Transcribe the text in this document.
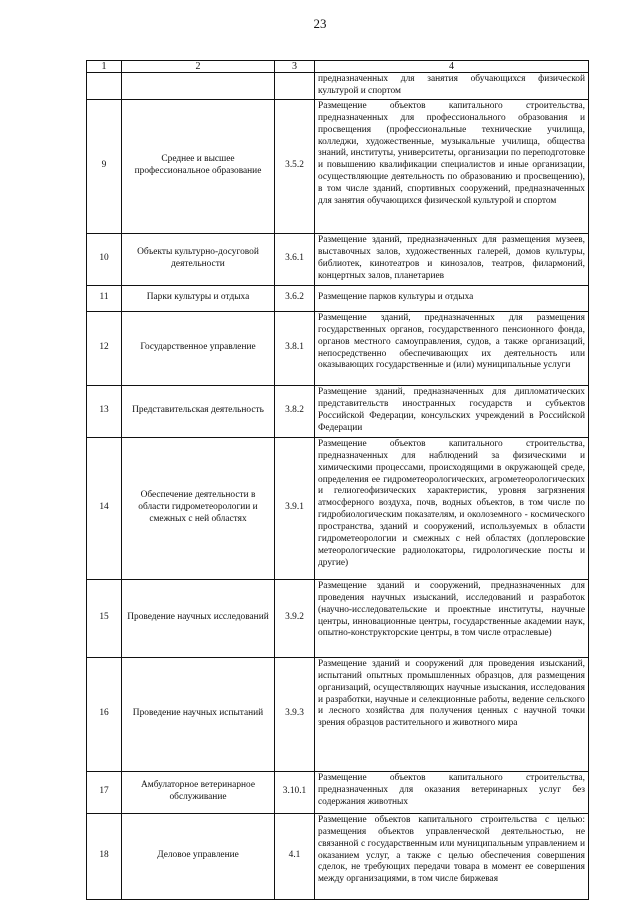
23
1	2	3	4
			предназначенных для занятия обучающихся физической культурой и спортом
9	Среднее и высшее профессиональное образование	3.5.2	Размещение объектов капитального строительства, предназначенных для профессионального образования и просвещения (профессиональные технические училища, колледжи, художественные, музыкальные училища, общества знаний, институты, университеты, организации по переподготовке и повышению квалификации специалистов и иные организации, осуществляющие деятельность по образованию и просвещению), в том числе зданий, спортивных сооружений, предназначенных для занятия обучающихся физической культурой и спортом
10	Объекты культурно-досуговой деятельности	3.6.1	Размещение зданий, предназначенных для размещения музеев, выставочных залов, художественных галерей, домов культуры, библиотек, кинотеатров и кинозалов, театров, филармоний, концертных залов, планетариев
11	Парки культуры и отдыха	3.6.2	Размещение парков культуры и отдыха
12	Государственное управление	3.8.1	Размещение зданий, предназначенных для размещения государственных органов, государственного пенсионного фонда, органов местного самоуправления, судов, а также организаций, непосредственно обеспечивающих их деятельность или оказывающих государственные и (или) муниципальные услуги
13	Представительская деятельность	3.8.2	Размещение зданий, предназначенных для дипломатических представительств иностранных государств и субъектов Российской Федерации, консульских учреждений в Российской Федерации
14	Обеспечение деятельности в области гидрометеорологии и смежных с ней областях	3.9.1	Размещение объектов капитального строительства, предназначенных для наблюдений за физическими и химическими процессами, происходящими в окружающей среде, определения ее гидрометеорологических, агрометеорологических и гелиогеофизических характеристик, уровня загрязнения атмосферного воздуха, почв, водных объектов, в том числе по гидробиологическим показателям, и околоземного - космического пространства, зданий и сооружений, используемых в области гидрометеорологии и смежных с ней областях (доплеровские метеорологические радиолокаторы, гидрологические посты и другие)
15	Проведение научных исследований	3.9.2	Размещение зданий и сооружений, предназначенных для проведения научных изысканий, исследований и разработок (научно-исследовательские и проектные институты, научные центры, инновационные центры, государственные академии наук, опытно-конструкторские центры, в том числе отраслевые)
16	Проведение научных испытаний	3.9.3	Размещение зданий и сооружений для проведения изысканий, испытаний опытных промышленных образцов, для размещения организаций, осуществляющих научные изыскания, исследования и разработки, научные и селекционные работы, ведение сельского и лесного хозяйства для получения ценных с научной точки зрения образцов растительного и животного мира
17	Амбулаторное ветеринарное обслуживание	3.10.1	Размещение объектов капитального строительства, предназначенных для оказания ветеринарных услуг без содержания животных
18	Деловое управление	4.1	Размещение объектов капитального строительства с целью: размещения объектов управленческой деятельностью, не связанной с государственным или муниципальным управлением и оказанием услуг, а также с целью обеспечения совершения сделок, не требующих передачи товара в момент ее совершения между организациями, в том числе биржевая
